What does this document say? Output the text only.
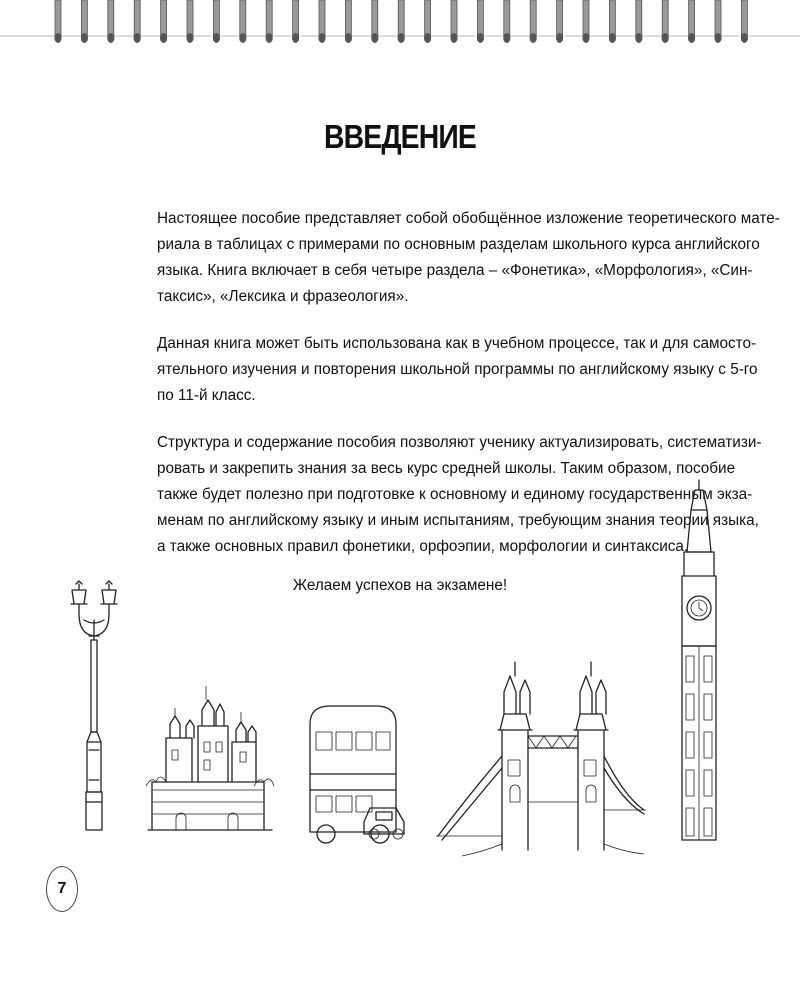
ВВЕДЕНИЕ

Настоящее пособие представляет собой обобщённое изложение теоретического мате-
риала в таблицах с примерами по основным разделам школьного курса английского
языка. Книга включает в себя четыре раздела – «Фонетика», «Морфология», «Син-
таксис», «Лексика и фразеология».

Данная книга может быть использована как в учебном процессе, так и для самосто-
ятельного изучения и повторения школьной программы по английскому языку с 5-го
по 11-й класс.

Структура и содержание пособия позволяют ученику актуализировать, систематизи-
ровать и закрепить знания за весь курс средней школы. Таким образом, пособие
также будет полезно при подготовке к основному и единому государственным экза-
менам по английскому языку и иным испытаниям, требующим знания теории языка,
а также основных правил фонетики, орфоэпии, морфологии и синтаксиса.

Желаем успехов на экзамене!
7
